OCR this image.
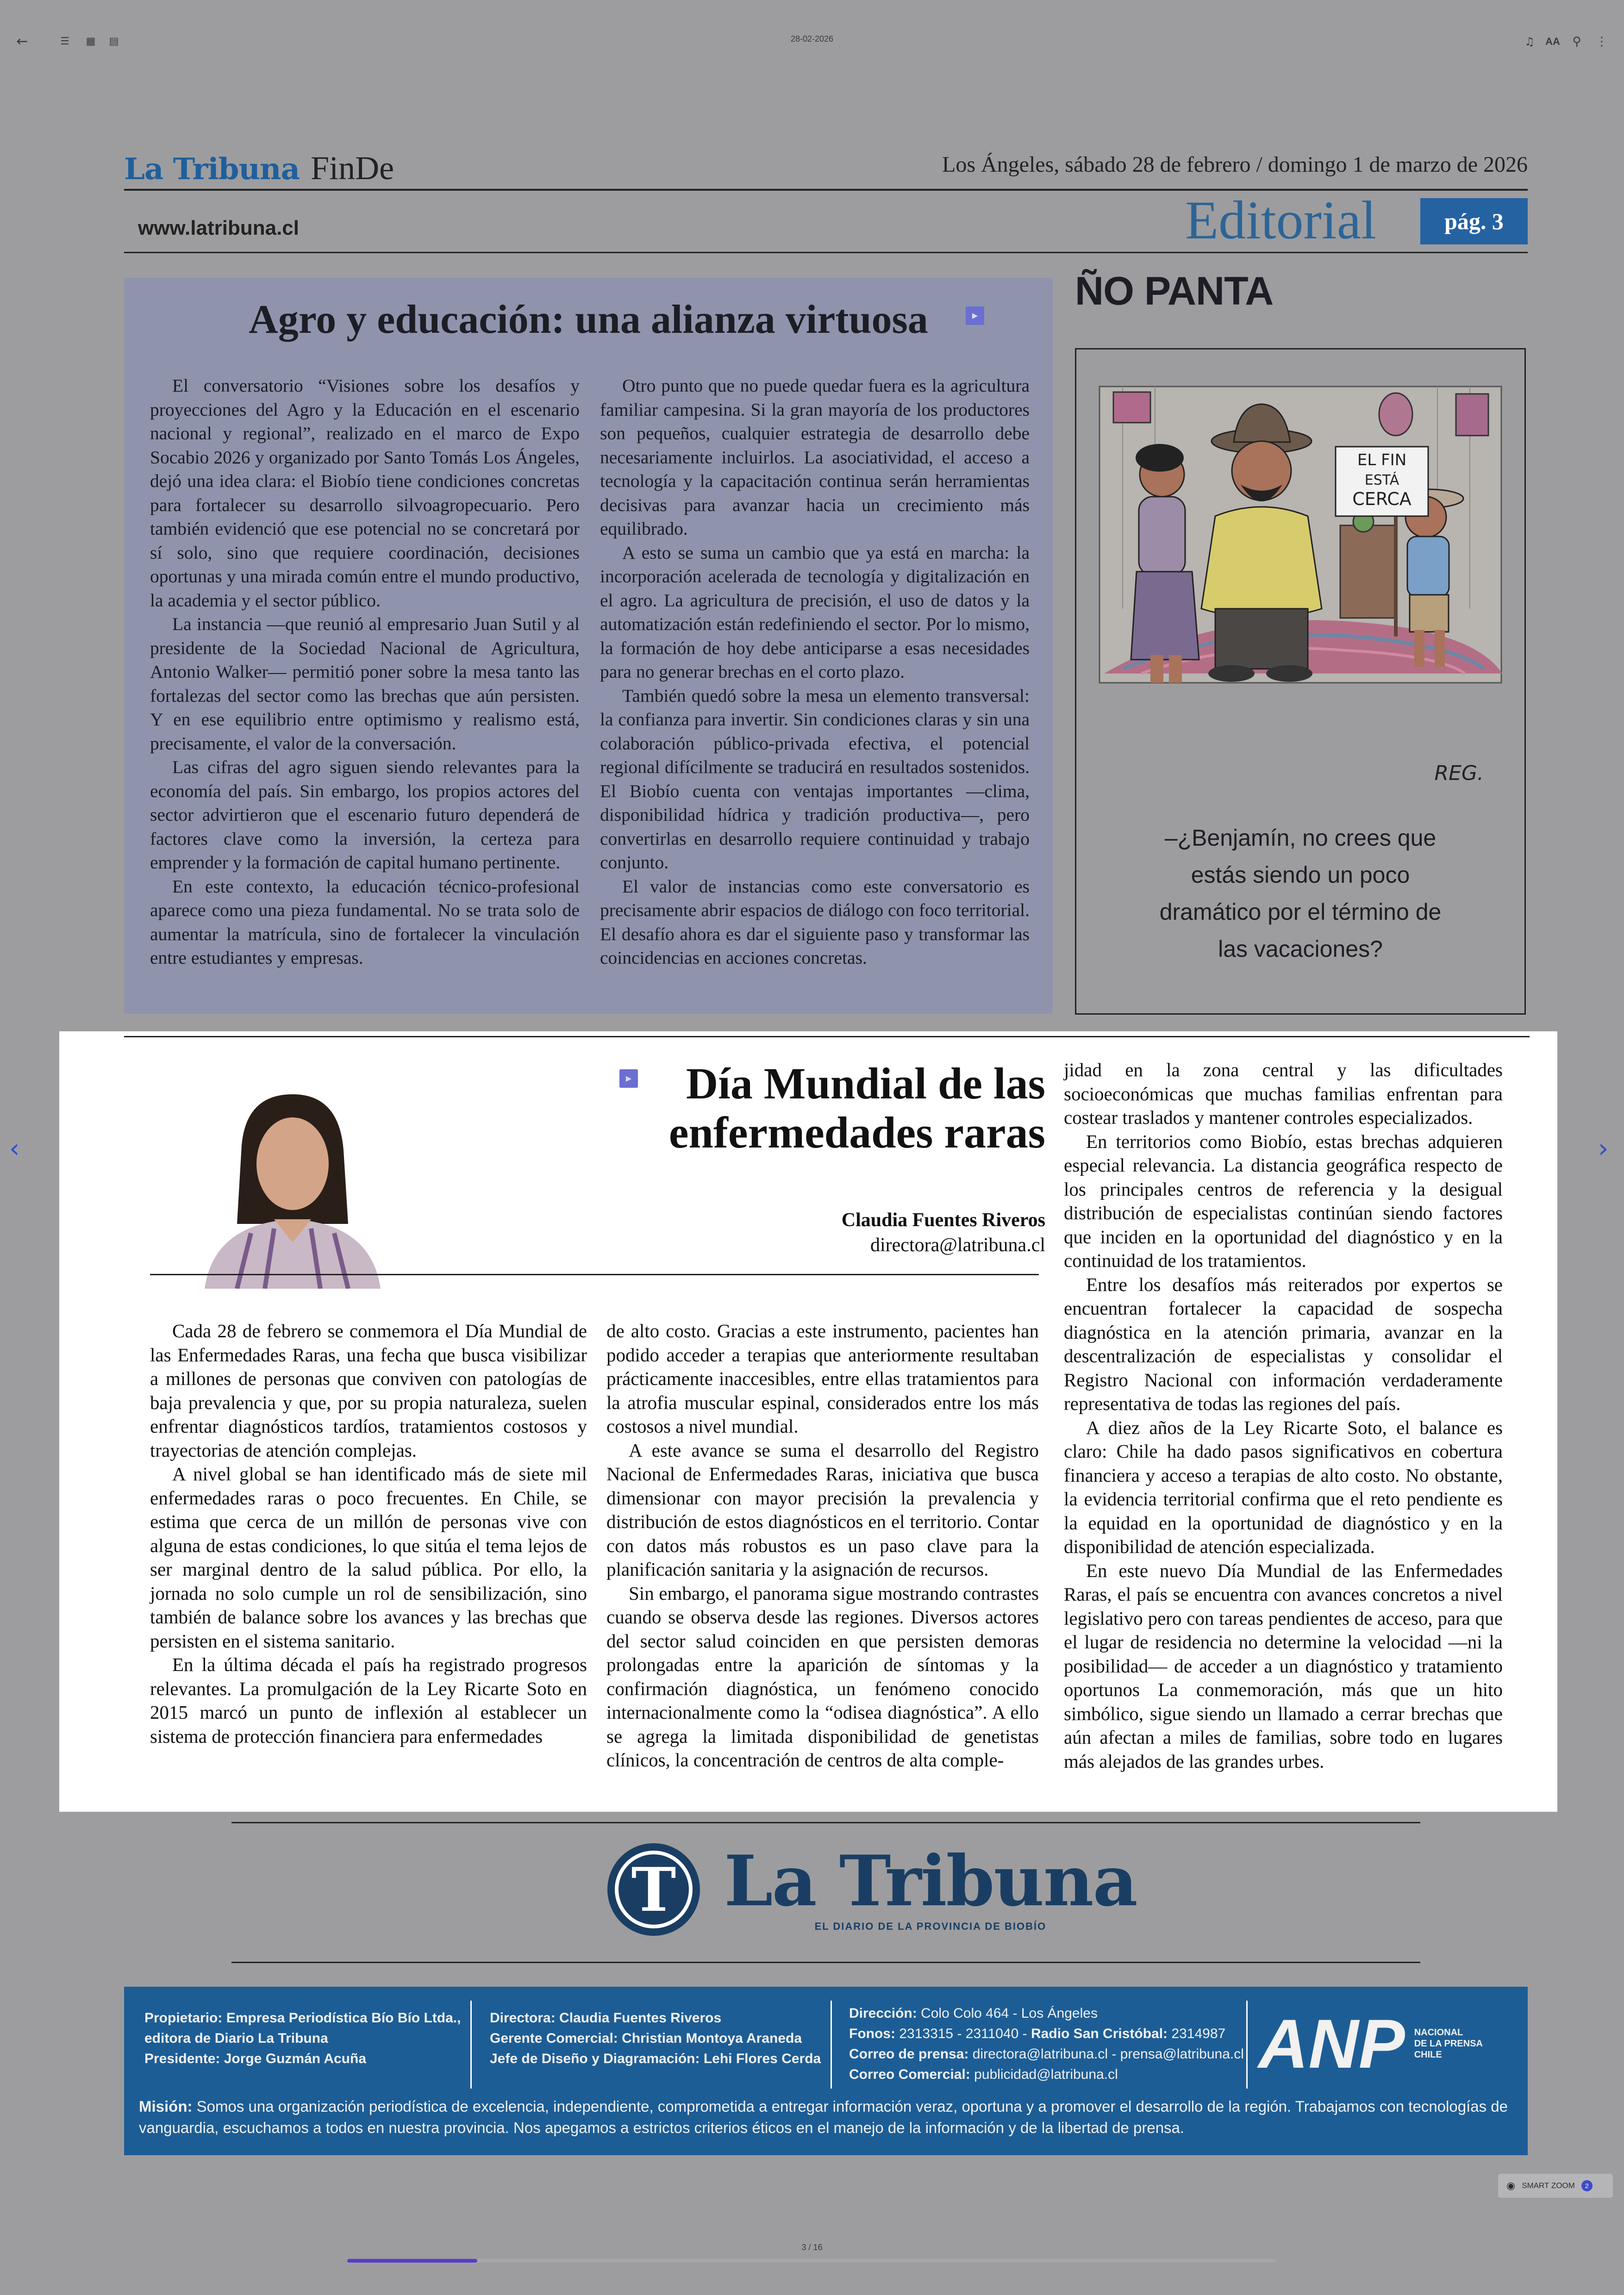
←	☰	▦	▤	28-02-2026	♫	AA	⚲	⋮
‹	›
La Tribuna FinDe	Los Ángeles, sábado 28 de febrero / domingo 1 de marzo de 2026
www.latribuna.cl	Editorial	pág. 3
Agro y educación: una alianza virtuosa	▶

El conversatorio “Visiones sobre los desafíos y proyecciones del Agro y la Educación en el escenario nacional y regional”, realizado en el marco de Expo Socabio 2026 y organizado por Santo Tomás Los Ángeles, dejó una idea clara: el Biobío tiene condiciones concretas para fortalecer su desarrollo silvoagropecuario. Pero también evidenció que ese potencial no se concretará por sí solo, sino que requiere coordinación, decisiones oportunas y una mirada común entre el mundo productivo, la academia y el sector público.

La instancia —que reunió al empresario Juan Sutil y al presidente de la Sociedad Nacional de Agricultura, Antonio Walker— permitió poner sobre la mesa tanto las fortalezas del sector como las brechas que aún persisten. Y en ese equilibrio entre optimismo y realismo está, precisamente, el valor de la conversación.

Las cifras del agro siguen siendo relevantes para la economía del país. Sin embargo, los propios actores del sector advirtieron que el escenario futuro dependerá de factores clave como la inversión, la certeza para emprender y la formación de capital humano pertinente.

En este contexto, la educación técnico-profesional aparece como una pieza fundamental. No se trata solo de aumentar la matrícula, sino de fortalecer la vinculación entre estudiantes y empresas.

Otro punto que no puede quedar fuera es la agricultura familiar campesina. Si la gran mayoría de los productores son pequeños, cualquier estrategia de desarrollo debe necesariamente incluirlos. La asociatividad, el acceso a tecnología y la capacitación continua serán herramientas decisivas para avanzar hacia un crecimiento más equilibrado.

A esto se suma un cambio que ya está en marcha: la incorporación acelerada de tecnología y digitalización en el agro. La agricultura de precisión, el uso de datos y la automatización están redefiniendo el sector. Por lo mismo, la formación de hoy debe anticiparse a esas necesidades para no generar brechas en el corto plazo.

También quedó sobre la mesa un elemento transversal: la confianza para invertir. Sin condiciones claras y sin una colaboración público-privada efectiva, el potencial regional difícilmente se traducirá en resultados sostenidos. El Biobío cuenta con ventajas importantes —clima, disponibilidad hídrica y tradición productiva—, pero convertirlas en desarrollo requiere continuidad y trabajo conjunto.

El valor de instancias como este conversatorio es precisamente abrir espacios de diálogo con foco territorial. El desafío ahora es dar el siguiente paso y transformar las coincidencias en acciones concretas.

ÑO PANTA
EL FIN
ESTÁ
CERCA
REG.
–¿Benjamín, no crees que estás siendo un poco dramático por el término de las vacaciones?
▶	Día Mundial de las enfermedades raras
Claudia Fuentes Riveros
directora@latribuna.cl

Cada 28 de febrero se conmemora el Día Mundial de las Enfermedades Raras, una fecha que busca visibilizar a millones de personas que conviven con patologías de baja prevalencia y que, por su propia naturaleza, suelen enfrentar diagnósticos tardíos, tratamientos costosos y trayectorias de atención complejas.

A nivel global se han identificado más de siete mil enfermedades raras o poco frecuentes. En Chile, se estima que cerca de un millón de personas vive con alguna de estas condiciones, lo que sitúa el tema lejos de ser marginal dentro de la salud pública. Por ello, la jornada no solo cumple un rol de sensibilización, sino también de balance sobre los avances y las brechas que persisten en el sistema sanitario.

En la última década el país ha registrado progresos relevantes. La promulgación de la Ley Ricarte Soto en 2015 marcó un punto de inflexión al establecer un sistema de protección financiera para enfermedades

de alto costo. Gracias a este instrumento, pacientes han podido acceder a terapias que anteriormente resultaban prácticamente inaccesibles, entre ellas tratamientos para la atrofia muscular espinal, considerados entre los más costosos a nivel mundial.

A este avance se suma el desarrollo del Registro Nacional de Enfermedades Raras, iniciativa que busca dimensionar con mayor precisión la prevalencia y distribución de estos diagnósticos en el territorio. Contar con datos más robustos es un paso clave para la planificación sanitaria y la asignación de recursos.

Sin embargo, el panorama sigue mostrando contrastes cuando se observa desde las regiones. Diversos actores del sector salud coinciden en que persisten demoras prolongadas entre la aparición de síntomas y la confirmación diagnóstica, un fenómeno conocido internacionalmente como la “odisea diagnóstica”. A ello se agrega la limitada disponibilidad de genetistas clínicos, la concentración de centros de alta comple-

jidad en la zona central y las dificultades socioeconómicas que muchas familias enfrentan para costear traslados y mantener controles especializados.

En territorios como Biobío, estas brechas adquieren especial relevancia. La distancia geográfica respecto de los principales centros de referencia y la desigual distribución de especialistas continúan siendo factores que inciden en la oportunidad del diagnóstico y en la continuidad de los tratamientos.

Entre los desafíos más reiterados por expertos se encuentran fortalecer la capacidad de sospecha diagnóstica en la atención primaria, avanzar en la descentralización de especialistas y consolidar el Registro Nacional con información verdaderamente representativa de todas las regiones del país.

A diez años de la Ley Ricarte Soto, el balance es claro: Chile ha dado pasos significativos en cobertura financiera y acceso a terapias de alto costo. No obstante, la evidencia territorial confirma que el reto pendiente es la equidad en la oportunidad de diagnóstico y en la disponibilidad de atención especializada.

En este nuevo Día Mundial de las Enfermedades Raras, el país se encuentra con avances concretos a nivel legislativo pero con tareas pendientes de acceso, para que el lugar de residencia no determine la velocidad —ni la posibilidad— de acceder a un diagnóstico y tratamiento oportunos La conmemoración, más que un hito simbólico, sigue siendo un llamado a cerrar brechas que aún afectan a miles de familias, sobre todo en lugares más alejados de las grandes urbes.

T La Tribuna
EL DIARIO DE LA PROVINCIA DE BIOBÍO
Propietario: Empresa Periodística Bío Bío Ltda.,
editora de Diario La Tribuna
Presidente: Jorge Guzmán Acuña
Directora: Claudia Fuentes Riveros
Gerente Comercial: Christian Montoya Araneda
Jefe de Diseño y Diagramación: Lehi Flores Cerda
Dirección: Colo Colo 464 - Los Ángeles
Fonos: 2313315 - 2311040 - Radio San Cristóbal: 2314987
Correo de prensa: directora@latribuna.cl - prensa@latribuna.cl
Correo Comercial: publicidad@latribuna.cl	ANP NACIONAL
DE LA PRENSA
CHILE
Misión: Somos una organización periodística de excelencia, independiente, comprometida a entregar información veraz, oportuna y a promover el desarrollo de la región. Trabajamos con tecnologías de vanguardia, escuchamos a todos en nuestra provincia. Nos apegamos a estrictos criterios éticos en el manejo de la información y de la libertad de prensa.
◉ SMART ZOOM	2
3 / 16
